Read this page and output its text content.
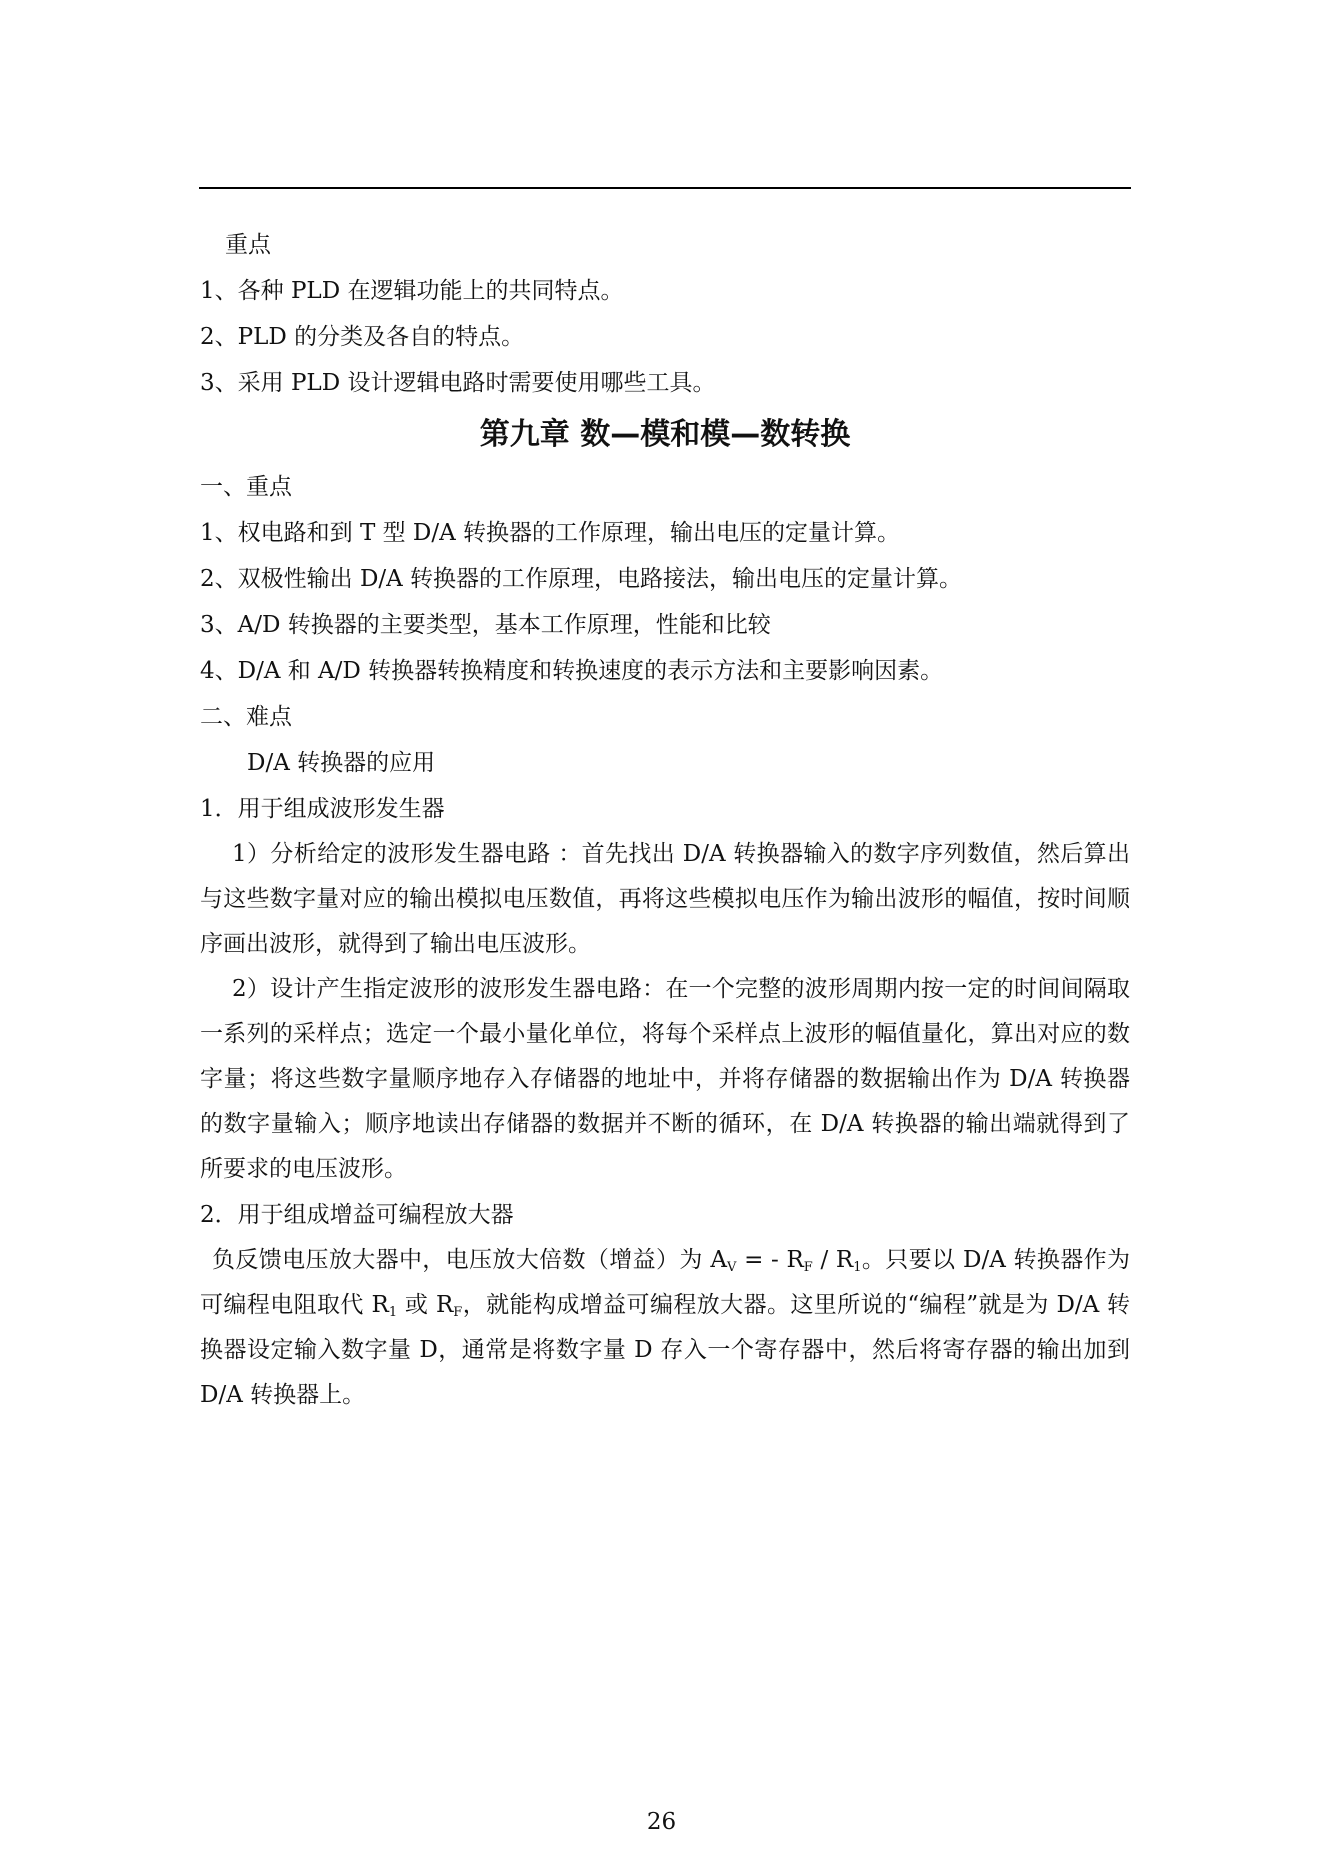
重点
1、各种 PLD 在逻辑功能上的共同特点。
2、PLD 的分类及各自的特点。
3、采用 PLD 设计逻辑电路时需要使用哪些工具。
第九章 数—模和模—数转换
一、重点
1、权电路和到 T 型 D/A 转换器的工作原理，输出电压的定量计算。
2、双极性输出 D/A 转换器的工作原理，电路接法，输出电压的定量计算。
3、A/D 转换器的主要类型，基本工作原理，性能和比较
4、D/A 和 A/D 转换器转换精度和转换速度的表示方法和主要影响因素。
二、难点
D/A 转换器的应用
1．用于组成波形发生器
1）分析给定的波形发生器电路 ：首先找出 D/A 转换器输入的数字序列数值，然后算出与这些数字量对应的输出模拟电压数值，再将这些模拟电压作为输出波形的幅值，按时间顺序画出波形，就得到了输出电压波形。
2）设计产生指定波形的波形发生器电路：在一个完整的波形周期内按一定的时间间隔取一系列的采样点；选定一个最小量化单位，将每个采样点上波形的幅值量化，算出对应的数字量；将这些数字量顺序地存入存储器的地址中，并将存储器的数据输出作为 D/A 转换器的数字量输入；顺序地读出存储器的数据并不断的循环，在 D/A 转换器的输出端就得到了所要求的电压波形。
2．用于组成增益可编程放大器
负反馈电压放大器中，电压放大倍数（增益）为 $A_V$ = - $R_F / R_1$。只要以 D/A 转换器作为可编程电阻取代 $R_1$ 或 $R_F$，就能构成增益可编程放大器。这里所说的“编程”就是为 D/A 转换器设定输入数字量 D，通常是将数字量 D 存入一个寄存器中，然后将寄存器的输出加到 D/A 转换器上。
26
